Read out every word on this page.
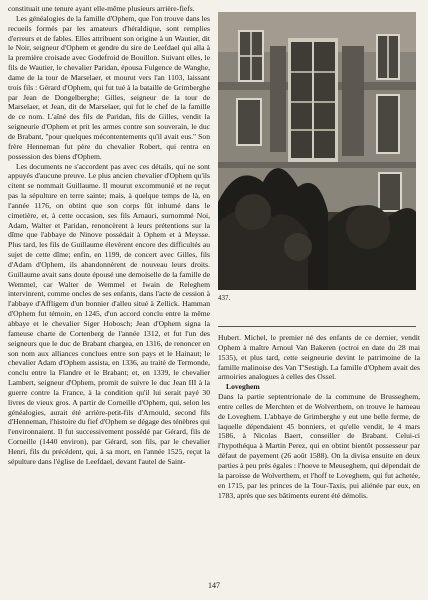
constituait une tenure ayant elle-même plusieurs arrière-fiefs.

Les généalogies de la famille d'Ophem, que l'on trouve dans les recueils formés par les amateurs d'héraldique, sont remplies d'erreurs et de fables. Elles attribuent son origine à un Wautier, dit le Noir, seigneur d'Ophem et gendre du sire de Leefdael qui alla à la première croisade avec Godefroid de Bouillon. Suivant elles, le fils de Wautier, le chevalier Paridan, épousa Fulgence de Wanghe, dame de la tour de Marselaer, et mourut vers l'an 1103, laissant trois fils : Gérard d'Ophem, qui fut tué à la bataille de Grimberghe par Jean de Dongelberghe; Gilles, seigneur de la tour de Marselaer, et Jean, dit de Marselaer, qui fut le chef de la famille de ce nom. L'aîné des fils de Paridan, fils de Gilles, vendit la seigneurie d'Ophem et prit les armes contre son souverain, le duc de Brabant, "pour quelques mécontentements qu'il avait eus." Son frère Henneman fut père du chevalier Robert, qui rentra en possession des biens d'Ophem.

Les documents ne s'accordent pas avec ces détails, qui ne sont appuyés d'aucune preuve. Le plus ancien chevalier d'Ophem qu'ils citent se nommait Guillaume. Il mourut excommunié et ne reçut pas la sépulture en terre sainte; mais, à quelque temps de là, en l'année 1176, on obtint que son corps fût inhumé dans le cimetière, et, à cette occasion, ses fils Arnauri, surnommé Noi, Adam, Walter et Paridan, renoncèrent à leurs prétentions sur la dîme que l'abbaye de Ninove possédait à Ophem et à Meysse. Plus tard, les fils de Guillaume élevèrent encore des difficultés au sujet de cette dîme; enfin, en 1199, de concert avec Gilles, fils d'Adam d'Ophem, ils abandonnèrent de nouveau leurs droits. Guillaume avait sans doute épousé une demoiselle de la famille de Wemmel, car Walter de Wemmel et Iwain de Releghem intervinrent, comme oncles de ses enfants, dans l'acte de cession à l'abbaye d'Affligem d'un bonnier d'alleu situé à Zellick. Hamman d'Ophem fut témoin, en 1245, d'un accord conclu entre la même abbaye et le chevalier Siger Hobosch; Jean d'Ophem signa la fameuse charte de Cortenberg de l'année 1312, et fut l'un des seigneurs que le duc de Brabant chargea, en 1316, de renoncer en son nom aux alliances conclues entre son pays et le Hainaut; le chevalier Adam d'Ophem assista, en 1336, au traité de Termonde, conclu entre la Flandre et le Brabant; et, en 1339, le chevalier Lambert, seigneur d'Ophem, promit de suivre le duc Jean III à la guerre contre la France, à la condition qu'il lui serait payé 30 livres de vieux gros. A partir de Corneille d'Ophem, qui, selon les généalogies, aurait été arrière-petit-fils d'Arnould, second fils d'Henneman, l'histoire du fief d'Ophem se dégage des ténèbres qui l'environnaient. Il fut successivement possédé par Gérard, fils de Corneille (1440 environ), par Gérard, son fils, par le chevalier Henri, fils du précédent, qui, à sa mort, en l'année 1525, reçut la sépulture dans l'église de Leefdael, devant l'autel de Saint-

437.

Hubert. Michel, le premier né des enfants de ce dernier, vendit Ophem à maître Arnoul Van Bakeren (octroi en date du 28 mai 1535), et plus tard, cette seigneurie devint le patrimoine de la famille malinoise des Van T'Sestigh. La famille d'Ophem avait des armoiries analogues à celles des Ossel.

Loveghem

Dans la partie septentrionale de la commune de Brusseghem, entre celles de Merchten et de Wolverthem, on trouve le hameau de Loveghem. L'abbaye de Grimberghe y eut une belle ferme, de laquelle dépendaient 45 bonniers, et qu'elle vendit, le 4 mars 1586, à Nicolas Baert, conseiller de Brabant. Celui-ci l'hypothéqua à Martin Perez, qui en obtint bientôt possesseur par défaut de payement (26 août 1588). On la divisa ensuite en deux parties à peu près égales : l'hoeve te Meuseghem, qui dépendait de la paroisse de Wolverthem, et l'hoff te Loveghem, qui fut achetée, en 1715, par les princes de la Tour-Taxis, pui aliénée par eux, en 1783, après que ses bâtiments eurent été démolis.

147
